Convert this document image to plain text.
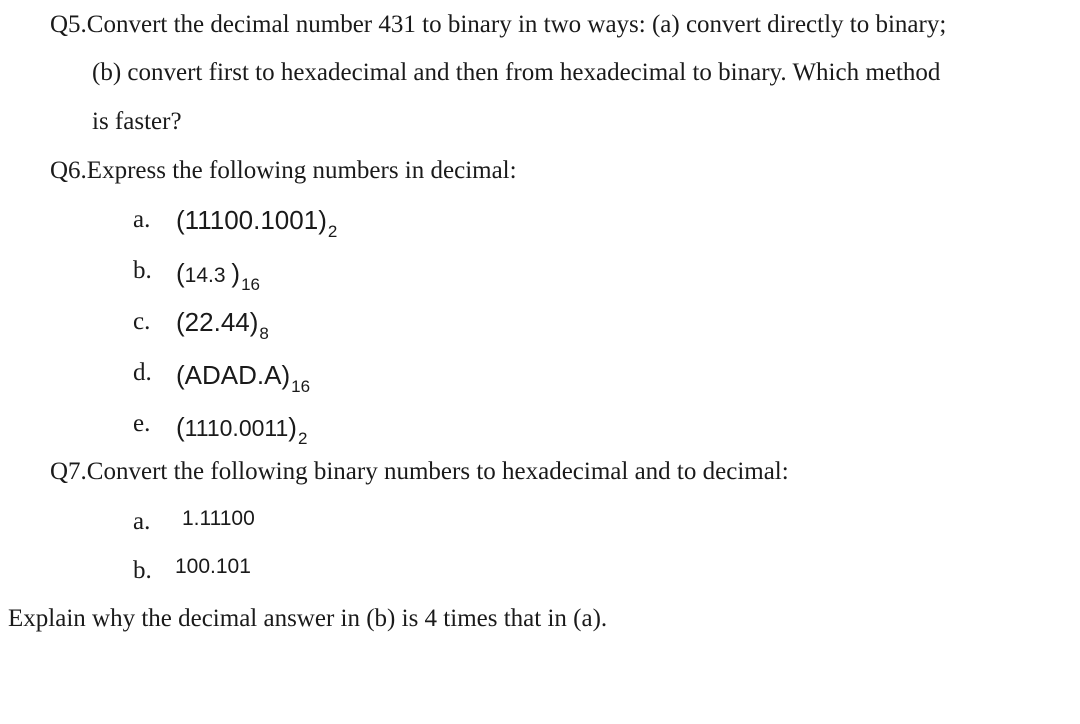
Q5.Convert the decimal number 431 to binary in two ways: (a) convert directly to binary;
(b) convert first to hexadecimal and then from hexadecimal to binary. Which method
is faster?
Q6.Express the following numbers in decimal:
a. $(11100.1001)_2$
b. (14.3 )$_{16}$
c. $(22.44)_8$
d. $(ADAD.A)_{16}$
e. $(1110.0011)_2$
Q7.Convert the following binary numbers to hexadecimal and to decimal:
a. 1.11100
b. 100.101
Explain why the decimal answer in (b) is 4 times that in (a).
